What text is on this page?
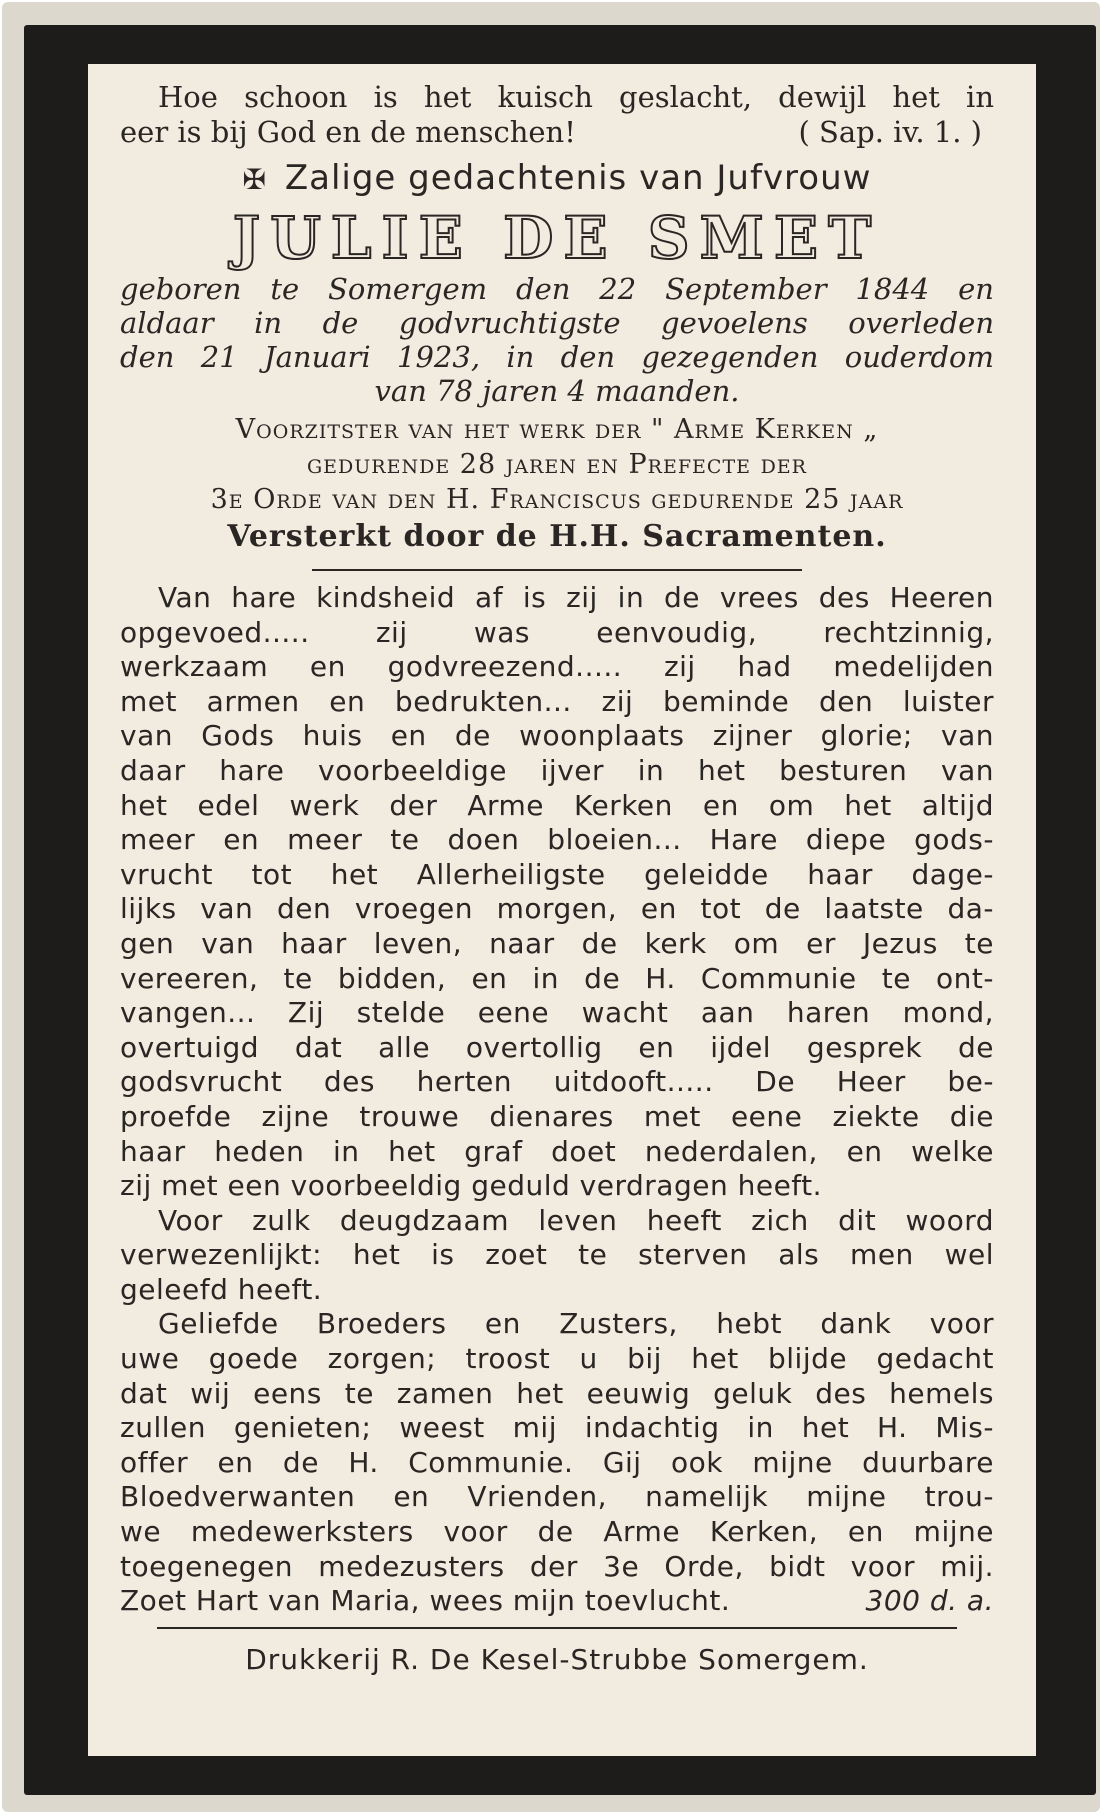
Hoe schoon is het kuisch geslacht, dewijl het in
eer is bij God en de menschen!	( Sap. iv. 1. )
✠ Zalige gedachtenis van Jufvrouw
JULIE DE SMET
geboren te Somergem den 22 September 1844 en
aldaar in de godvruchtigste gevoelens overleden
den 21 Januari 1923, in den gezegenden ouderdom
van 78 jaren 4 maanden.
Voorzitster van het werk der " Arme Kerken „
gedurende 28 jaren en Prefecte der
3e Orde van den H. Franciscus gedurende 25 jaar
Versterkt door de H.H. Sacramenten.
Van hare kindsheid af is zij in de vrees des Heeren
opgevoed..... zij was eenvoudig, rechtzinnig,
werkzaam en godvreezend..... zij had medelijden
met armen en bedrukten... zij beminde den luister
van Gods huis en de woonplaats zijner glorie; van
daar hare voorbeeldige ijver in het besturen van
het edel werk der Arme Kerken en om het altijd
meer en meer te doen bloeien... Hare diepe gods-
vrucht tot het Allerheiligste geleidde haar dage-
lijks van den vroegen morgen, en tot de laatste da-
gen van haar leven, naar de kerk om er Jezus te
vereeren, te bidden, en in de H. Communie te ont-
vangen... Zij stelde eene wacht aan haren mond,
overtuigd dat alle overtollig en ijdel gesprek de
godsvrucht des herten uitdooft..... De Heer be-
proefde zijne trouwe dienares met eene ziekte die
haar heden in het graf doet nederdalen, en welke
zij met een voorbeeldig geduld verdragen heeft.
Voor zulk deugdzaam leven heeft zich dit woord
verwezenlijkt: het is zoet te sterven als men wel
geleefd heeft.
Geliefde Broeders en Zusters, hebt dank voor
uwe goede zorgen; troost u bij het blijde gedacht
dat wij eens te zamen het eeuwig geluk des hemels
zullen genieten; weest mij indachtig in het H. Mis-
offer en de H. Communie. Gij ook mijne duurbare
Bloedverwanten en Vrienden, namelijk mijne trou-
we medewerksters voor de Arme Kerken, en mijne
toegenegen medezusters der 3e Orde, bidt voor mij.
Zoet Hart van Maria, wees mijn toevlucht.	300 d. a.
Drukkerij R. De Kesel-Strubbe Somergem.
